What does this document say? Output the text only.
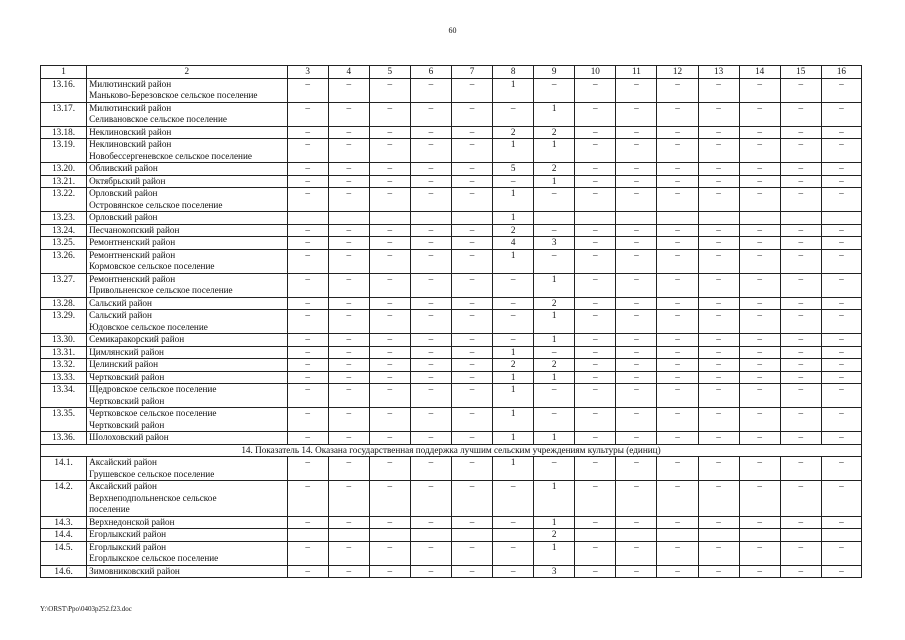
60
1	2	3	4	5	6	7	8	9	10	11	12	13	14	15	16
13.16.	Милютинский район
Маньково-Березовское сельское поселение	–	–	–	–	–	1	–	–	–	–	–	–	–	–
13.17.	Милютинский район
Селивановское сельское поселение	–	–	–	–	–	–	1	–	–	–	–	–	–	–
13.18.	Неклиновский район	–	–	–	–	–	2	2	–	–	–	–	–	–	–
13.19.	Неклиновский район
Новобессергеневское сельское поселение	–	–	–	–	–	1	1	–	–	–	–	–	–	–
13.20.	Обливский район	–	–	–	–	–	5	2	–	–	–	–	–	–	–
13.21.	Октябрьский район	–	–	–	–	–	–	1	–	–	–	–	–	–	–
13.22.	Орловский район
Островянское сельское поселение	–	–	–	–	–	1	–	–	–	–	–	–	–	–
13.23.	Орловский район						1								
13.24.	Песчанокопский район	–	–	–	–	–	2	–	–	–	–	–	–	–	–
13.25.	Ремонтненский район	–	–	–	–	–	4	3	–	–	–	–	–	–	–
13.26.	Ремонтненский район
Кормовское сельское поселение	–	–	–	–	–	1	–	–	–	–	–	–	–	–
13.27.	Ремонтненский район
Привольненское сельское поселение	–	–	–	–	–	–	1	–	–	–	–	–	–	–
13.28.	Сальский район	–	–	–	–	–	–	2	–	–	–	–	–	–	–
13.29.	Сальский район
Юдовское сельское поселение	–	–	–	–	–	–	1	–	–	–	–	–	–	–
13.30.	Семикаракорский район	–	–	–	–	–	–	1	–	–	–	–	–	–	–
13.31.	Цимлянский район	–	–	–	–	–	1	–	–	–	–	–	–	–	–
13.32.	Целинский район	–	–	–	–	–	2	2	–	–	–	–	–	–	–
13.33.	Чертковский район	–	–	–	–	–	1	1	–	–	–	–	–	–	–
13.34.	Щедровское сельское поселение
Чертковский район	–	–	–	–	–	1	–	–	–	–	–	–	–	–
13.35.	Чертковское сельское поселение
Чертковский район	–	–	–	–	–	1	–	–	–	–	–	–	–	–
13.36.	Шолоховский район	–	–	–	–	–	1	1	–	–	–	–	–	–	–
14. Показатель 14. Оказана государственная поддержка лучшим сельским учреждениям культуры (единиц)															
14.1.	Аксайский район
Грушевское сельское поселение	–	–	–	–	–	1	–	–	–	–	–	–	–	–
14.2.	Аксайский район
Верхнеподпольненское сельское
поселение	–	–	–	–	–	–	1	–	–	–	–	–	–	–
14.3.	Верхнедонской район	–	–	–	–	–	–	1	–	–	–	–	–	–	–
14.4.	Егорлыкский район							2							
14.5.	Егорлыкский район
Егорлыкское сельское поселение	–	–	–	–	–	–	1	–	–	–	–	–	–	–
14.6.	Зимовниковский район	–	–	–	–	–	–	3	–	–	–	–	–	–	–
Y:\ORST\Ppo\0403p252.f23.doc
